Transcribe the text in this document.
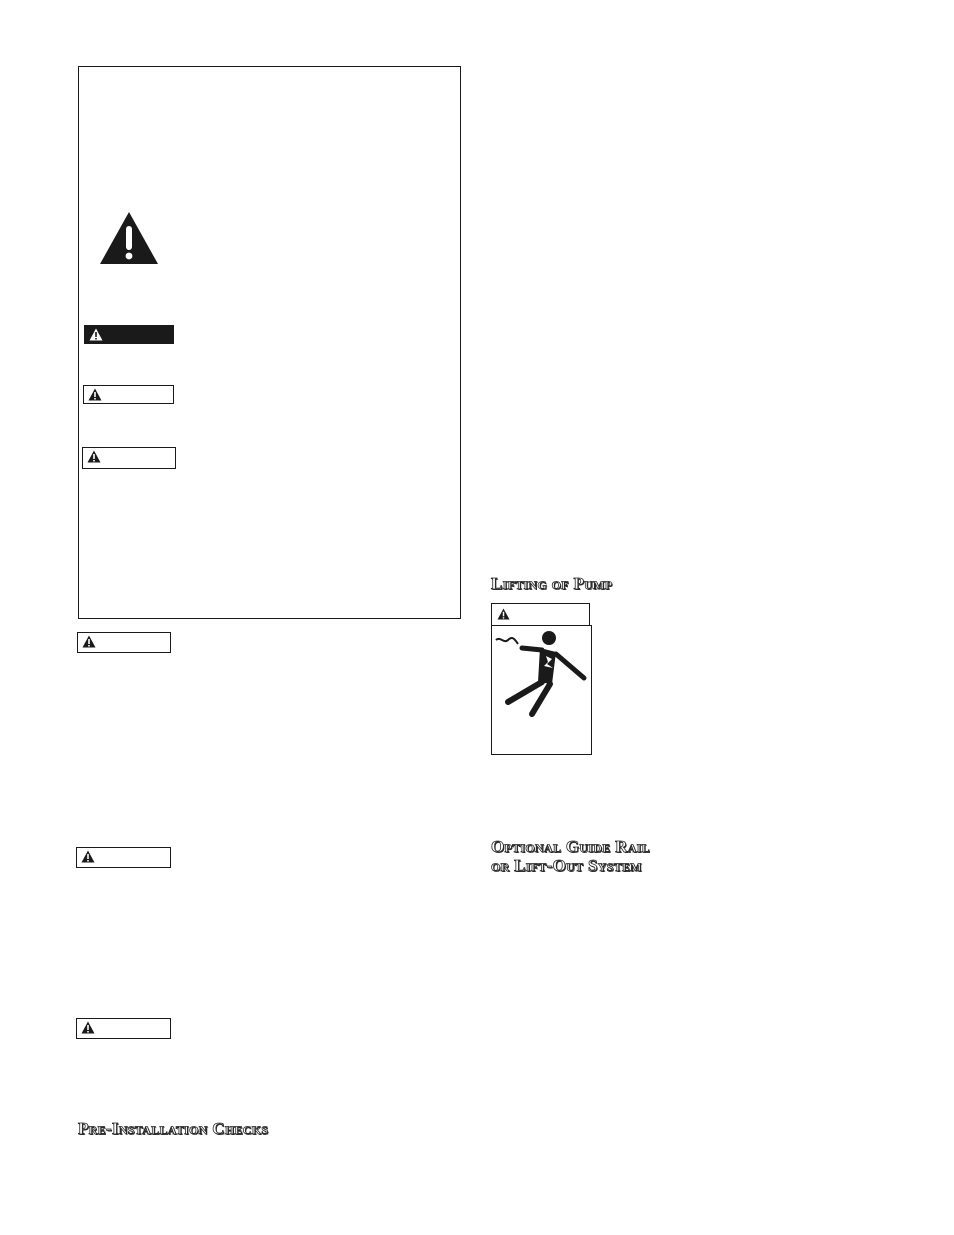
Pre-Installation Checks
Lifting of Pump
Optional Guide Rail
or Lift-Out System
